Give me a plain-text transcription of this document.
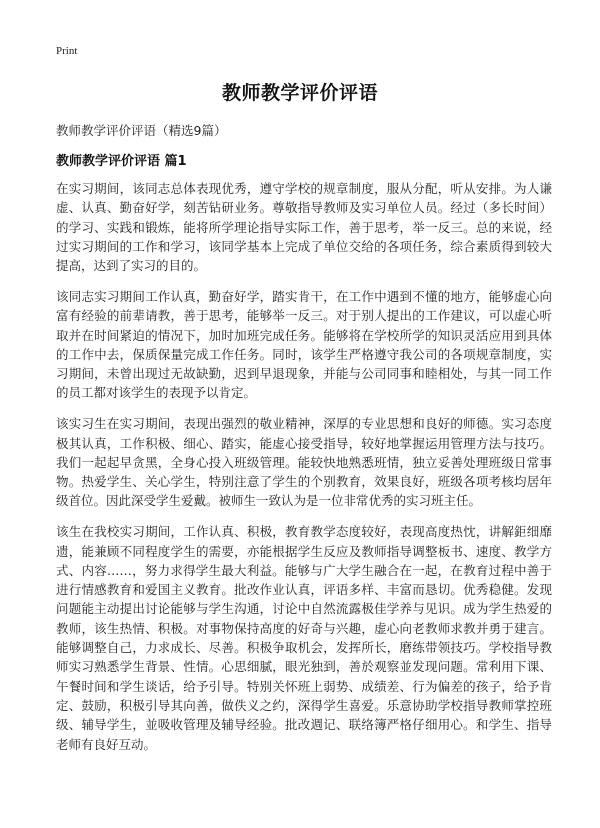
Print
教师教学评价评语
教师教学评价评语（精选9篇）
教师教学评价评语 篇1

在实习期间，该同志总体表现优秀，遵守学校的规章制度，服从分配，听从安排。为人谦虚、认真、勤奋好学，刻苦钻研业务。尊敬指导教师及实习单位人员。经过（多长时间）的学习、实践和锻炼，能将所学理论指导实际工作，善于思考，举一反三。总的来说，经过实习期间的工作和学习，该同学基本上完成了单位交给的各项任务，综合素质得到较大提高，达到了实习的目的。

该同志实习期间工作认真，勤奋好学，踏实肯干，在工作中遇到不懂的地方，能够虚心向富有经验的前辈请教，善于思考，能够举一反三。对于别人提出的工作建议，可以虚心听取并在时间紧迫的情况下，加时加班完成任务。能够将在学校所学的知识灵活应用到具体的工作中去，保质保量完成工作任务。同时，该学生严格遵守我公司的各项规章制度，实习期间，未曾出现过无故缺勤，迟到早退现象，并能与公司同事和睦相处，与其一同工作的员工都对该学生的表现予以肯定。

该实习生在实习期间，表现出强烈的敬业精神，深厚的专业思想和良好的师德。实习态度极其认真，工作积极、细心、踏实，能虚心接受指导，较好地掌握运用管理方法与技巧。我们一起起早贪黑，全身心投入班级管理。能较快地熟悉班情，独立妥善处理班级日常事物。热爱学生、关心学生，特别注意了学生的个别教育，效果良好，班级各项考核均居年级首位。因此深受学生爱戴。被师生一致认为是一位非常优秀的实习班主任。

该生在我校实习期间，工作认真、积极，教育教学态度较好，表现高度热忱，讲解鉅细靡遗，能兼顾不同程度学生的需要，亦能根据学生反应及教师指导调整板书、速度、教学方式、内容……，努力求得学生最大利益。能够与广大学生融合在一起，在教育过程中善于进行情感教育和爱国主义教育。批改作业认真，评语多样、丰富而恳切。优秀稳健。发现问题能主动提出讨论能够与学生沟通，讨论中自然流露极佳学养与见识。成为学生热爱的教师，该生热情、积极。对事物保持高度的好奇与兴趣，虚心向老教师求教并勇于建言。能够调整自己，力求成长、尽善。积极争取机会，发挥所长，磨练带领技巧。学校指导教师实习熟悉学生背景、性情。心思细腻，眼光独到，善於观察並发现问题。常利用下课、午餐时间和学生谈话，给予引导。特别关怀班上弱势、成绩差、行为偏差的孩子，给予肯定、鼓励，积极引导其向善，做佚义之约，深得学生喜爱。乐意协助学校指导教师掌控班级、辅导学生，並吸收管理及辅导经验。批改週记、联络簿严格仔细用心。和学生、指导老师有良好互动。
